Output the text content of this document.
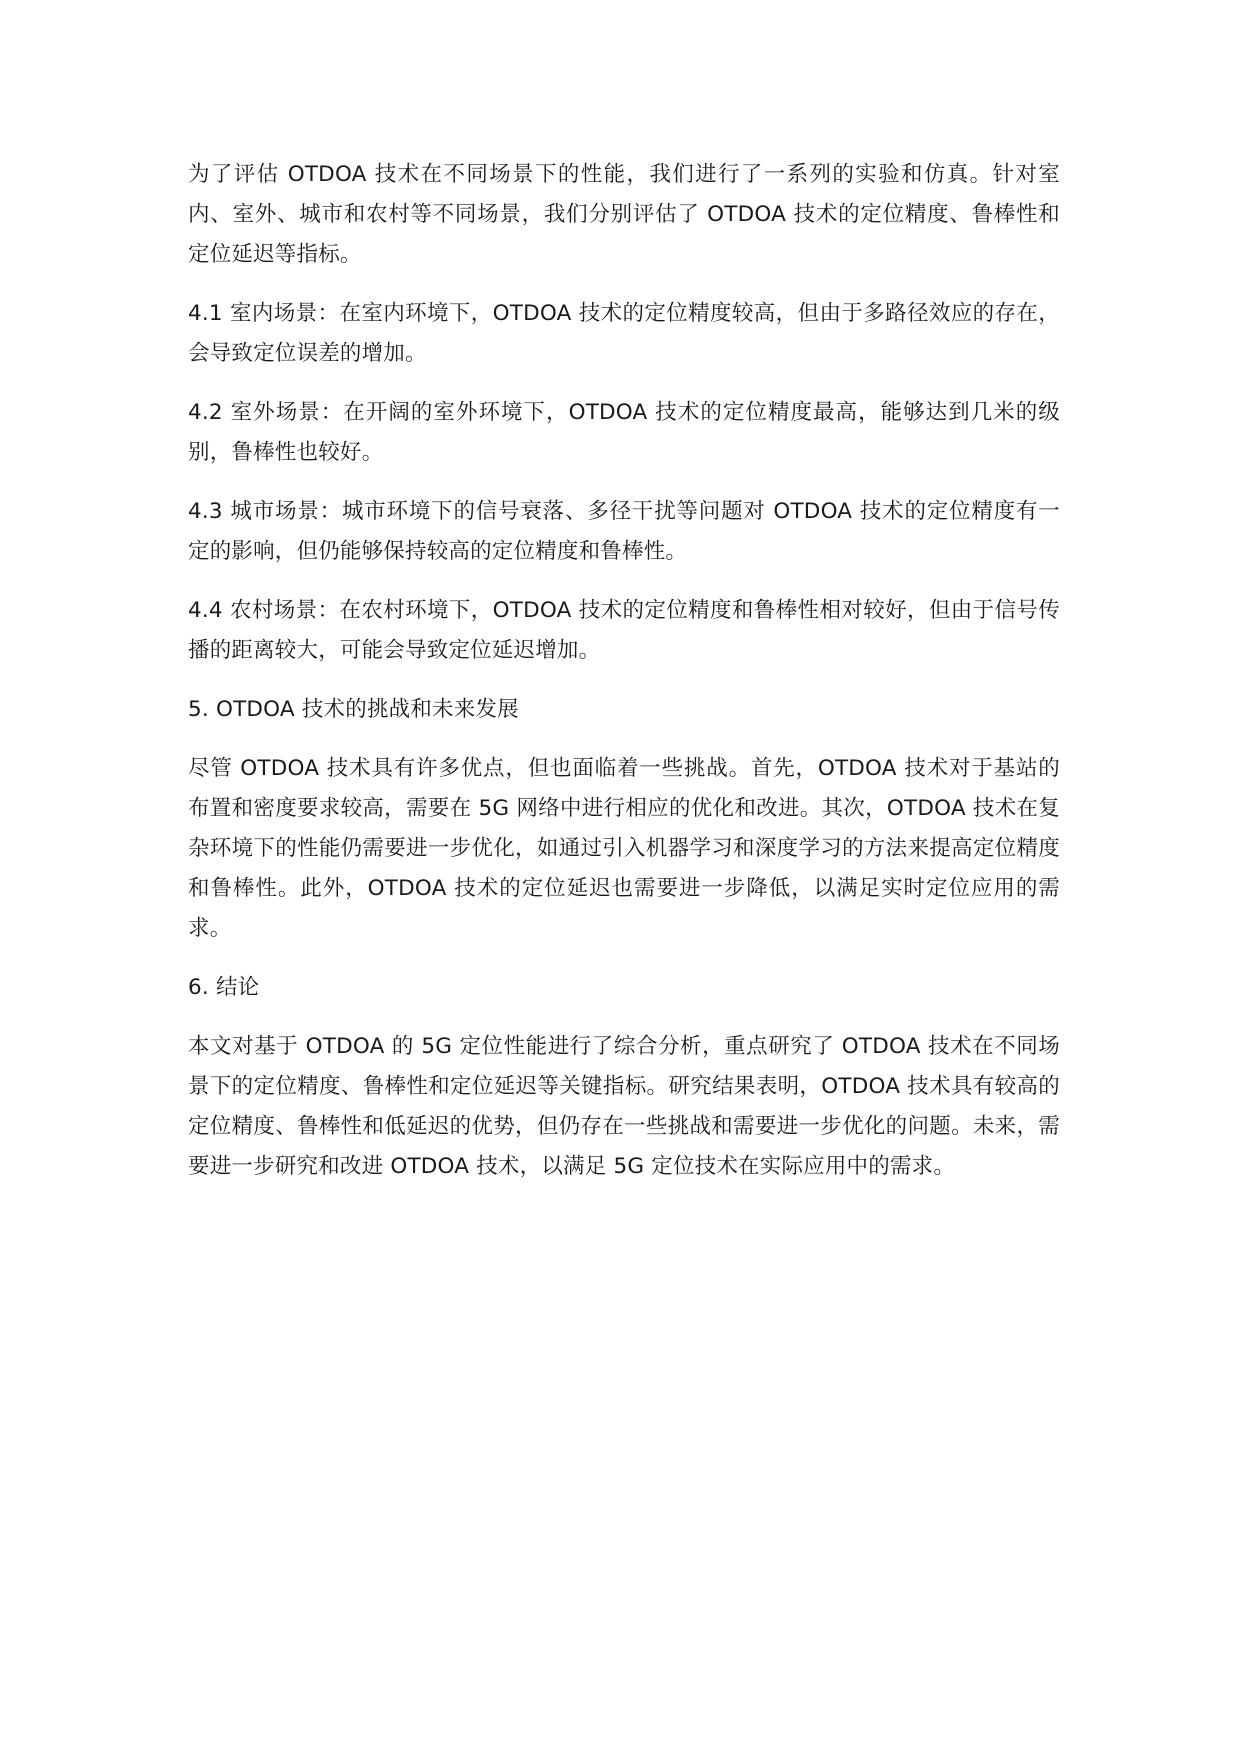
为了评估 OTDOA 技术在不同场景下的性能，我们进行了一系列的实验和仿真。针对室内、室外、城市和农村等不同场景，我们分别评估了 OTDOA 技术的定位精度、鲁棒性和定位延迟等指标。

4.1 室内场景：在室内环境下，OTDOA 技术的定位精度较高，但由于多路径效应的存在，会导致定位误差的增加。

4.2 室外场景：在开阔的室外环境下，OTDOA 技术的定位精度最高，能够达到几米的级别，鲁棒性也较好。

4.3 城市场景：城市环境下的信号衰落、多径干扰等问题对 OTDOA 技术的定位精度有一定的影响，但仍能够保持较高的定位精度和鲁棒性。

4.4 农村场景：在农村环境下，OTDOA 技术的定位精度和鲁棒性相对较好，但由于信号传播的距离较大，可能会导致定位延迟增加。

5. OTDOA 技术的挑战和未来发展

尽管 OTDOA 技术具有许多优点，但也面临着一些挑战。首先，OTDOA 技术对于基站的布置和密度要求较高，需要在 5G 网络中进行相应的优化和改进。其次，OTDOA 技术在复杂环境下的性能仍需要进一步优化，如通过引入机器学习和深度学习的方法来提高定位精度和鲁棒性。此外，OTDOA 技术的定位延迟也需要进一步降低，以满足实时定位应用的需求。

6. 结论

本文对基于 OTDOA 的 5G 定位性能进行了综合分析，重点研究了 OTDOA 技术在不同场景下的定位精度、鲁棒性和定位延迟等关键指标。研究结果表明，OTDOA 技术具有较高的定位精度、鲁棒性和低延迟的优势，但仍存在一些挑战和需要进一步优化的问题。未来，需要进一步研究和改进 OTDOA 技术，以满足 5G 定位技术在实际应用中的需求。
